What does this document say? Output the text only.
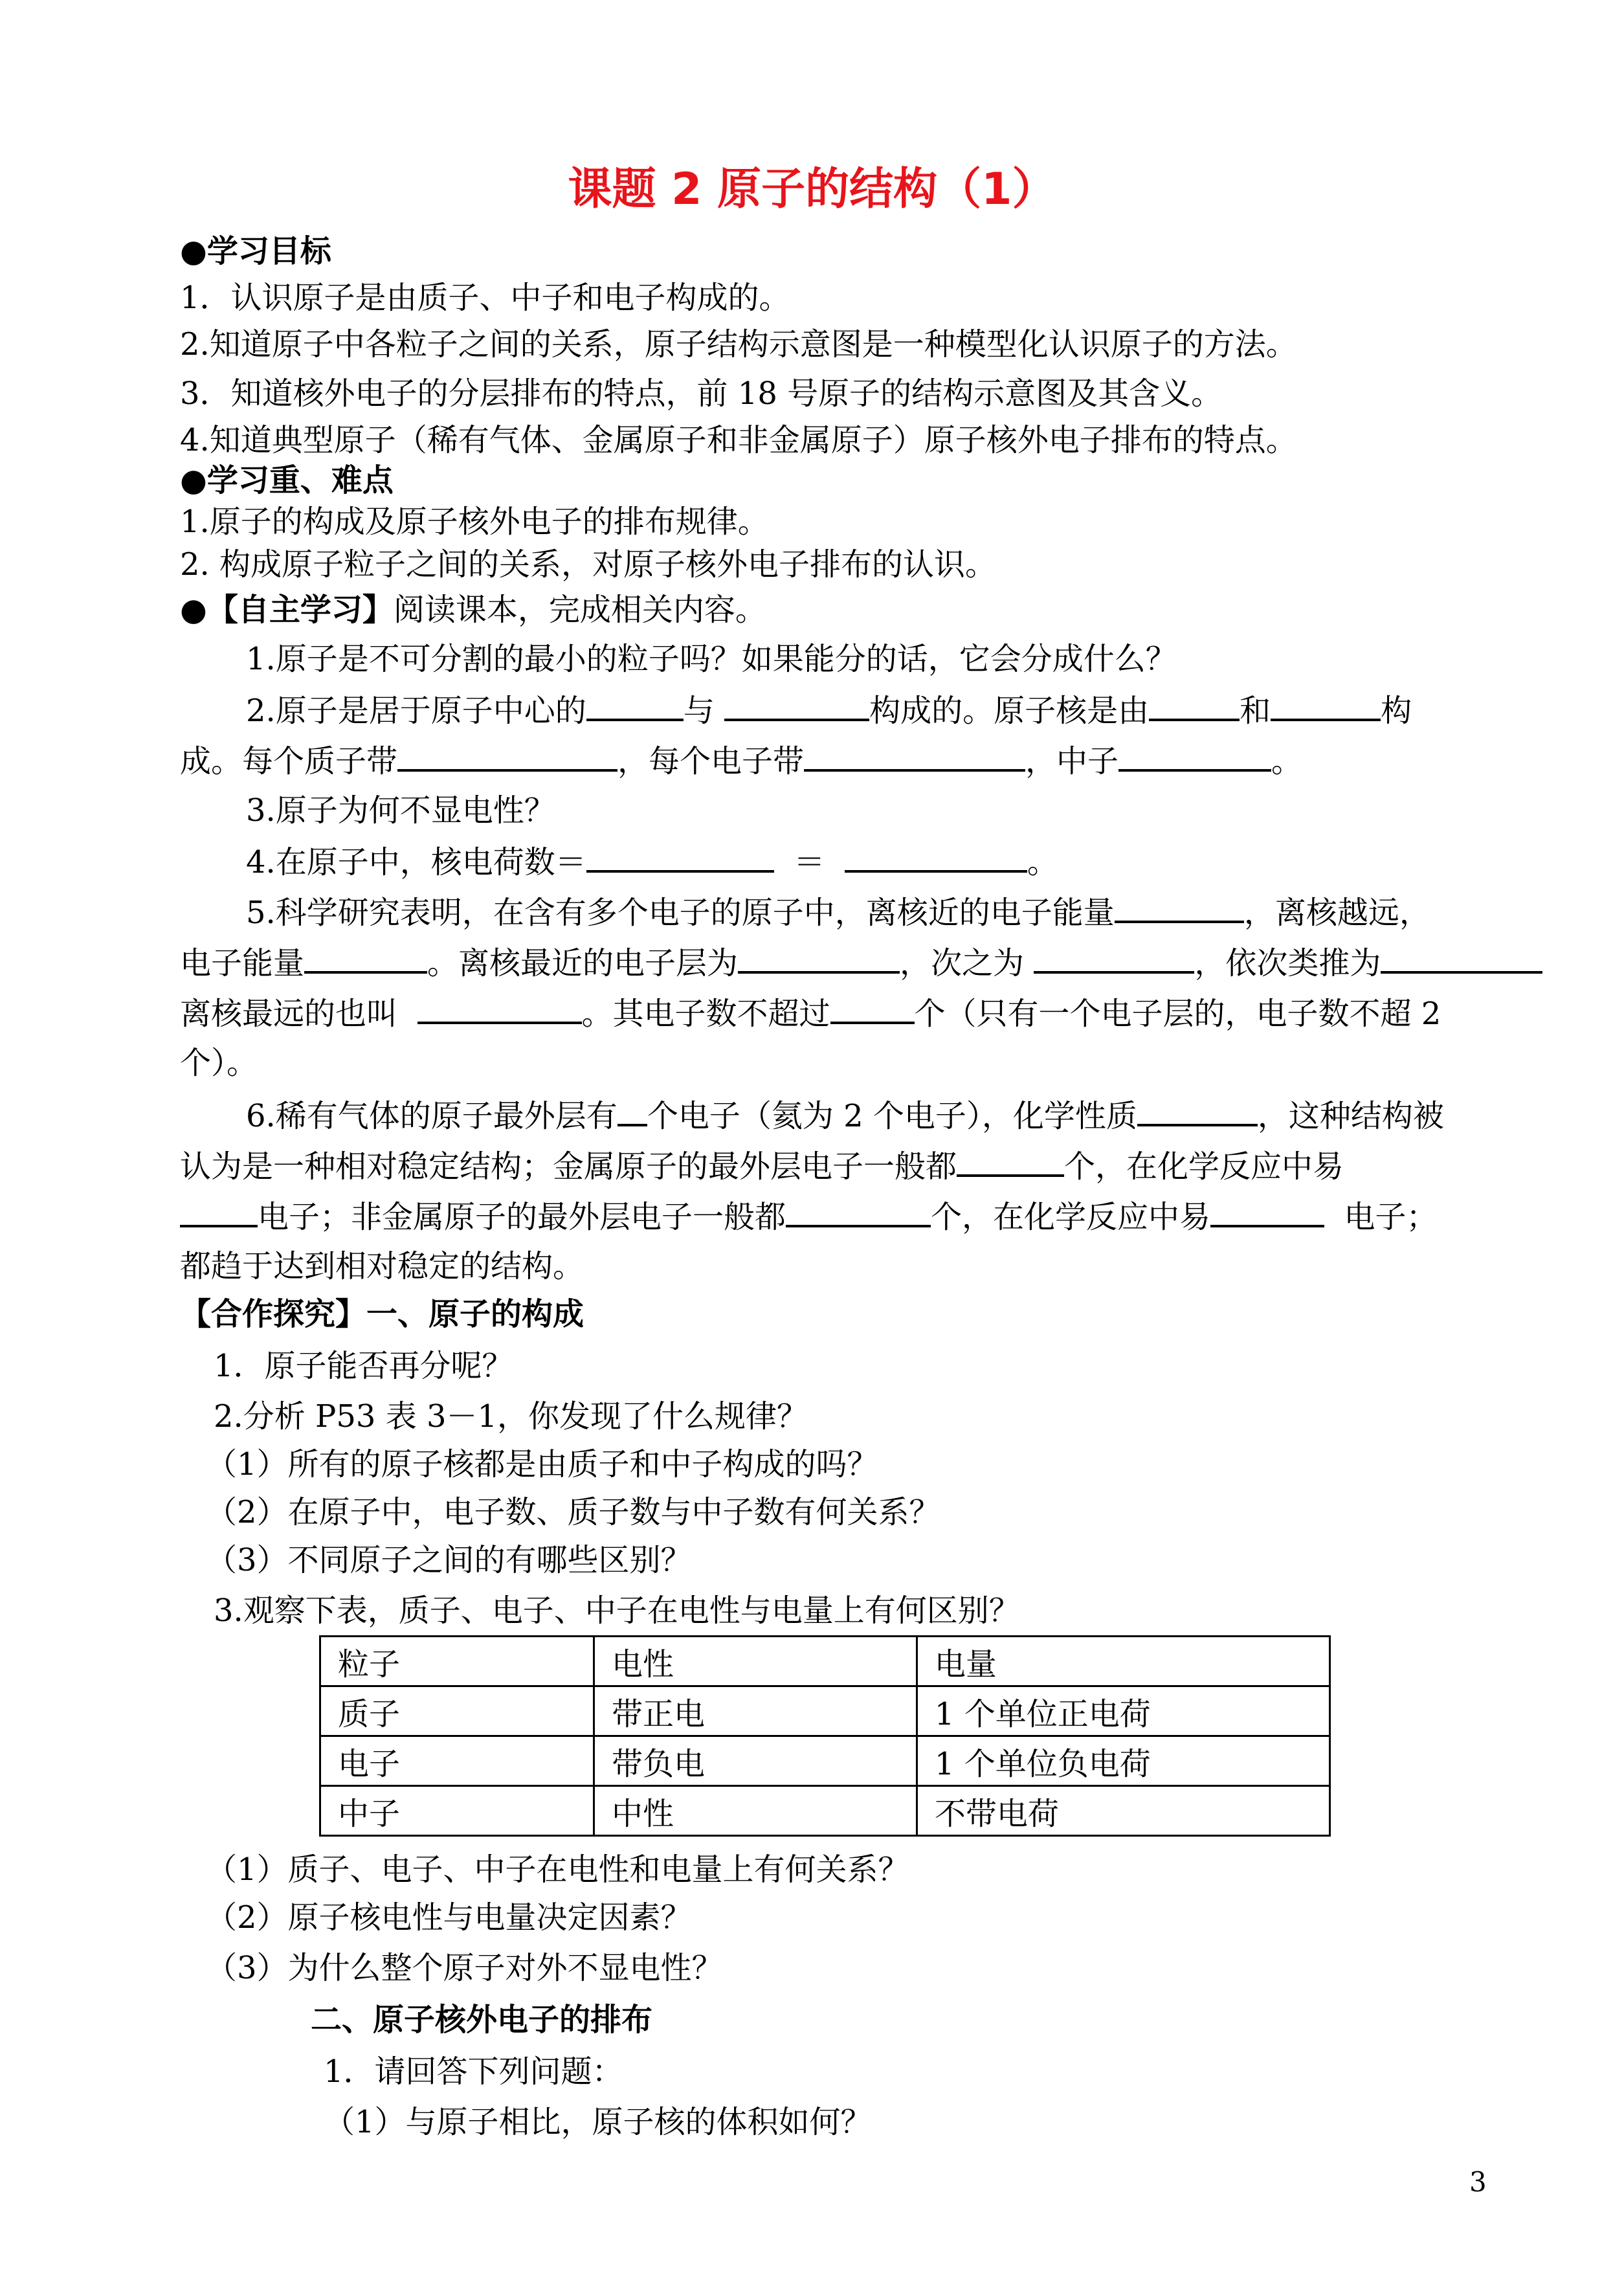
课题 2 原子的结构（1）
●学习目标
1．认识原子是由质子、中子和电子构成的。
2.知道原子中各粒子之间的关系，原子结构示意图是一种模型化认识原子的方法。
3．知道核外电子的分层排布的特点，前 18 号原子的结构示意图及其含义。
4.知道典型原子（稀有气体、金属原子和非金属原子）原子核外电子排布的特点。
●学习重、难点
1.原子的构成及原子核外电子的排布规律。
2. 构成原子粒子之间的关系，对原子核外电子排布的认识。
●【自主学习】阅读课本，完成相关内容。
1.原子是不可分割的最小的粒子吗？如果能分的话，它会分成什么？
2.原子是居于原子中心的	与	构成的。原子核是由	和	构
成。每个质子带	，每个电子带	，中子	。
3.原子为何不显电性？
4.在原子中，核电荷数＝	＝	。
5.科学研究表明，在含有多个电子的原子中，离核近的电子能量	，离核越远，
电子能量	。离核最近的电子层为	，次之为	，依次类推为
离核最远的也叫	。其电子数不超过	个（只有一个电子层的，电子数不超 2
个）。
6.稀有气体的原子最外层有 个电子（氦为 2 个电子），化学性质	，这种结构被
认为是一种相对稳定结构；金属原子的最外层电子一般都	个，在化学反应中易
电子；非金属原子的最外层电子一般都	个，在化学反应中易	电子；
都趋于达到相对稳定的结构。
【合作探究】一、原子的构成
1．原子能否再分呢？
2.分析 P53 表 3－1，你发现了什么规律？
（1）所有的原子核都是由质子和中子构成的吗？
（2）在原子中，电子数、质子数与中子数有何关系？
（3）不同原子之间的有哪些区别？
3.观察下表，质子、电子、中子在电性与电量上有何区别？
粒子	电性	电量
质子	带正电	1 个单位正电荷
电子	带负电	1 个单位负电荷
中子	中性	不带电荷
（1）质子、电子、中子在电性和电量上有何关系？
（2）原子核电性与电量决定因素？
（3）为什么整个原子对外不显电性？
二、原子核外电子的排布
1．请回答下列问题：
（1）与原子相比，原子核的体积如何？
3
